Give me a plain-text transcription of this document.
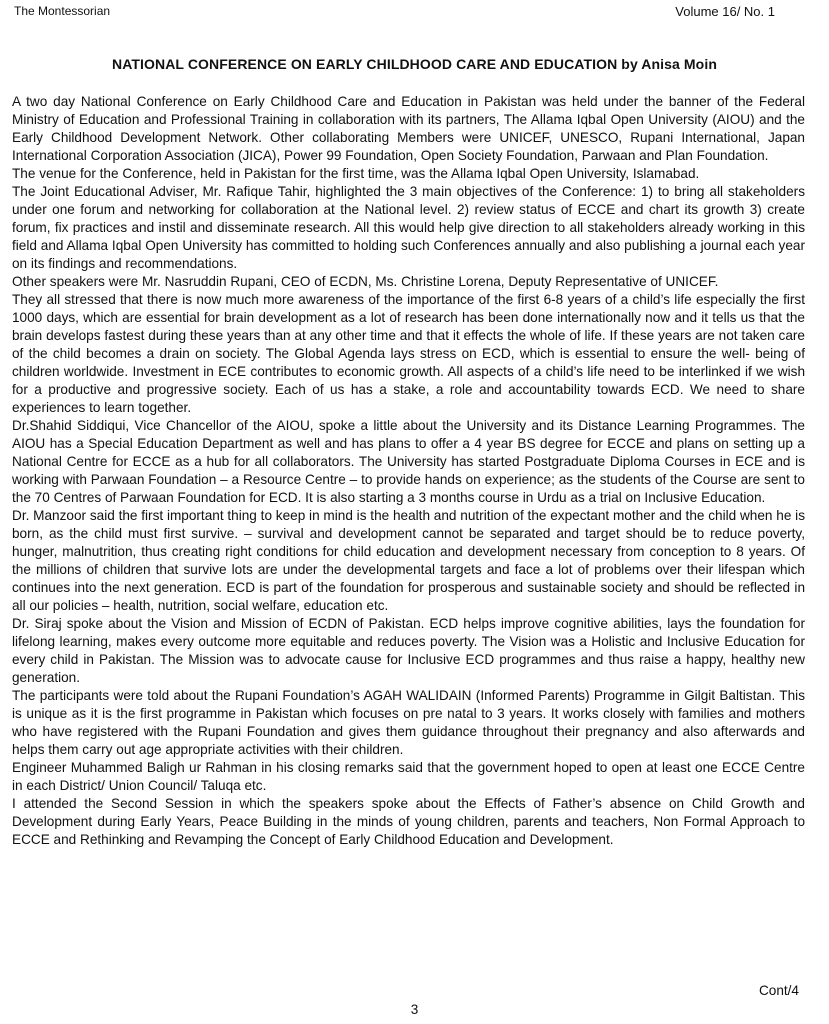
The Montessorian	Volume 16/ No. 1
NATIONAL CONFERENCE ON EARLY CHILDHOOD CARE AND EDUCATION by Anisa Moin

A two day National Conference on Early Childhood Care and Education in Pakistan was held under the banner of the Federal Ministry of Education and Professional Training in collaboration with its partners, The Allama Iqbal Open University (AIOU) and the Early Childhood Development Network. Other collaborating Members were UNICEF, UNESCO, Rupani International, Japan International Corporation Association (JICA), Power 99 Foundation, Open Society Foundation, Parwaan and Plan Foundation.

The venue for the Conference, held in Pakistan for the first time, was the Allama Iqbal Open University, Islamabad.

The Joint Educational Adviser, Mr. Rafique Tahir, highlighted the 3 main objectives of the Conference: 1) to bring all stakeholders under one forum and networking for collaboration at the National level. 2) review status of ECCE and chart its growth 3) create forum, fix practices and instil and disseminate research. All this would help give direction to all stakeholders already working in this field and Allama Iqbal Open University has committed to holding such Conferences annually and also publishing a journal each year on its findings and recommendations.

Other speakers were Mr. Nasruddin Rupani, CEO of ECDN, Ms. Christine Lorena, Deputy Representative of UNICEF.

They all stressed that there is now much more awareness of the importance of the first 6-8 years of a child’s life especially the first 1000 days, which are essential for brain development as a lot of research has been done internationally now and it tells us that the brain develops fastest during these years than at any other time and that it effects the whole of life. If these years are not taken care of the child becomes a drain on society. The Global Agenda lays stress on ECD, which is essential to ensure the well- being of children worldwide. Investment in ECE contributes to economic growth. All aspects of a child’s life need to be interlinked if we wish for a productive and progressive society. Each of us has a stake, a role and accountability towards ECD. We need to share experiences to learn together.

Dr.Shahid Siddiqui, Vice Chancellor of the AIOU, spoke a little about the University and its Distance Learning Programmes. The AIOU has a Special Education Department as well and has plans to offer a 4 year BS degree for ECCE and plans on setting up a National Centre for ECCE as a hub for all collaborators. The University has started Postgraduate Diploma Courses in ECE and is working with Parwaan Foundation – a Resource Centre – to provide hands on experience; as the students of the Course are sent to the 70 Centres of Parwaan Foundation for ECD. It is also starting a 3 months course in Urdu as a trial on Inclusive Education.

Dr. Manzoor said the first important thing to keep in mind is the health and nutrition of the expectant mother and the child when he is born, as the child must first survive. – survival and development cannot be separated and target should be to reduce poverty, hunger, malnutrition, thus creating right conditions for child education and development necessary from conception to 8 years. Of the millions of children that survive lots are under the developmental targets and face a lot of problems over their lifespan which continues into the next generation. ECD is part of the foundation for prosperous and sustainable society and should be reflected in all our policies – health, nutrition, social welfare, education etc.

Dr. Siraj spoke about the Vision and Mission of ECDN of Pakistan. ECD helps improve cognitive abilities, lays the foundation for lifelong learning, makes every outcome more equitable and reduces poverty. The Vision was a Holistic and Inclusive Education for every child in Pakistan. The Mission was to advocate cause for Inclusive ECD programmes and thus raise a happy, healthy new generation.

The participants were told about the Rupani Foundation’s AGAH WALIDAIN (Informed Parents) Programme in Gilgit Baltistan. This is unique as it is the first programme in Pakistan which focuses on pre natal to 3 years. It works closely with families and mothers who have registered with the Rupani Foundation and gives them guidance throughout their pregnancy and also afterwards and helps them carry out age appropriate activities with their children.

Engineer Muhammed Baligh ur Rahman in his closing remarks said that the government hoped to open at least one ECCE Centre in each District/ Union Council/ Taluqa etc.

I attended the Second Session in which the speakers spoke about the Effects of Father’s absence on Child Growth and Development during Early Years, Peace Building in the minds of young children, parents and teachers, Non Formal Approach to ECCE and Rethinking and Revamping the Concept of Early Childhood Education and Development.

Cont/4
3
